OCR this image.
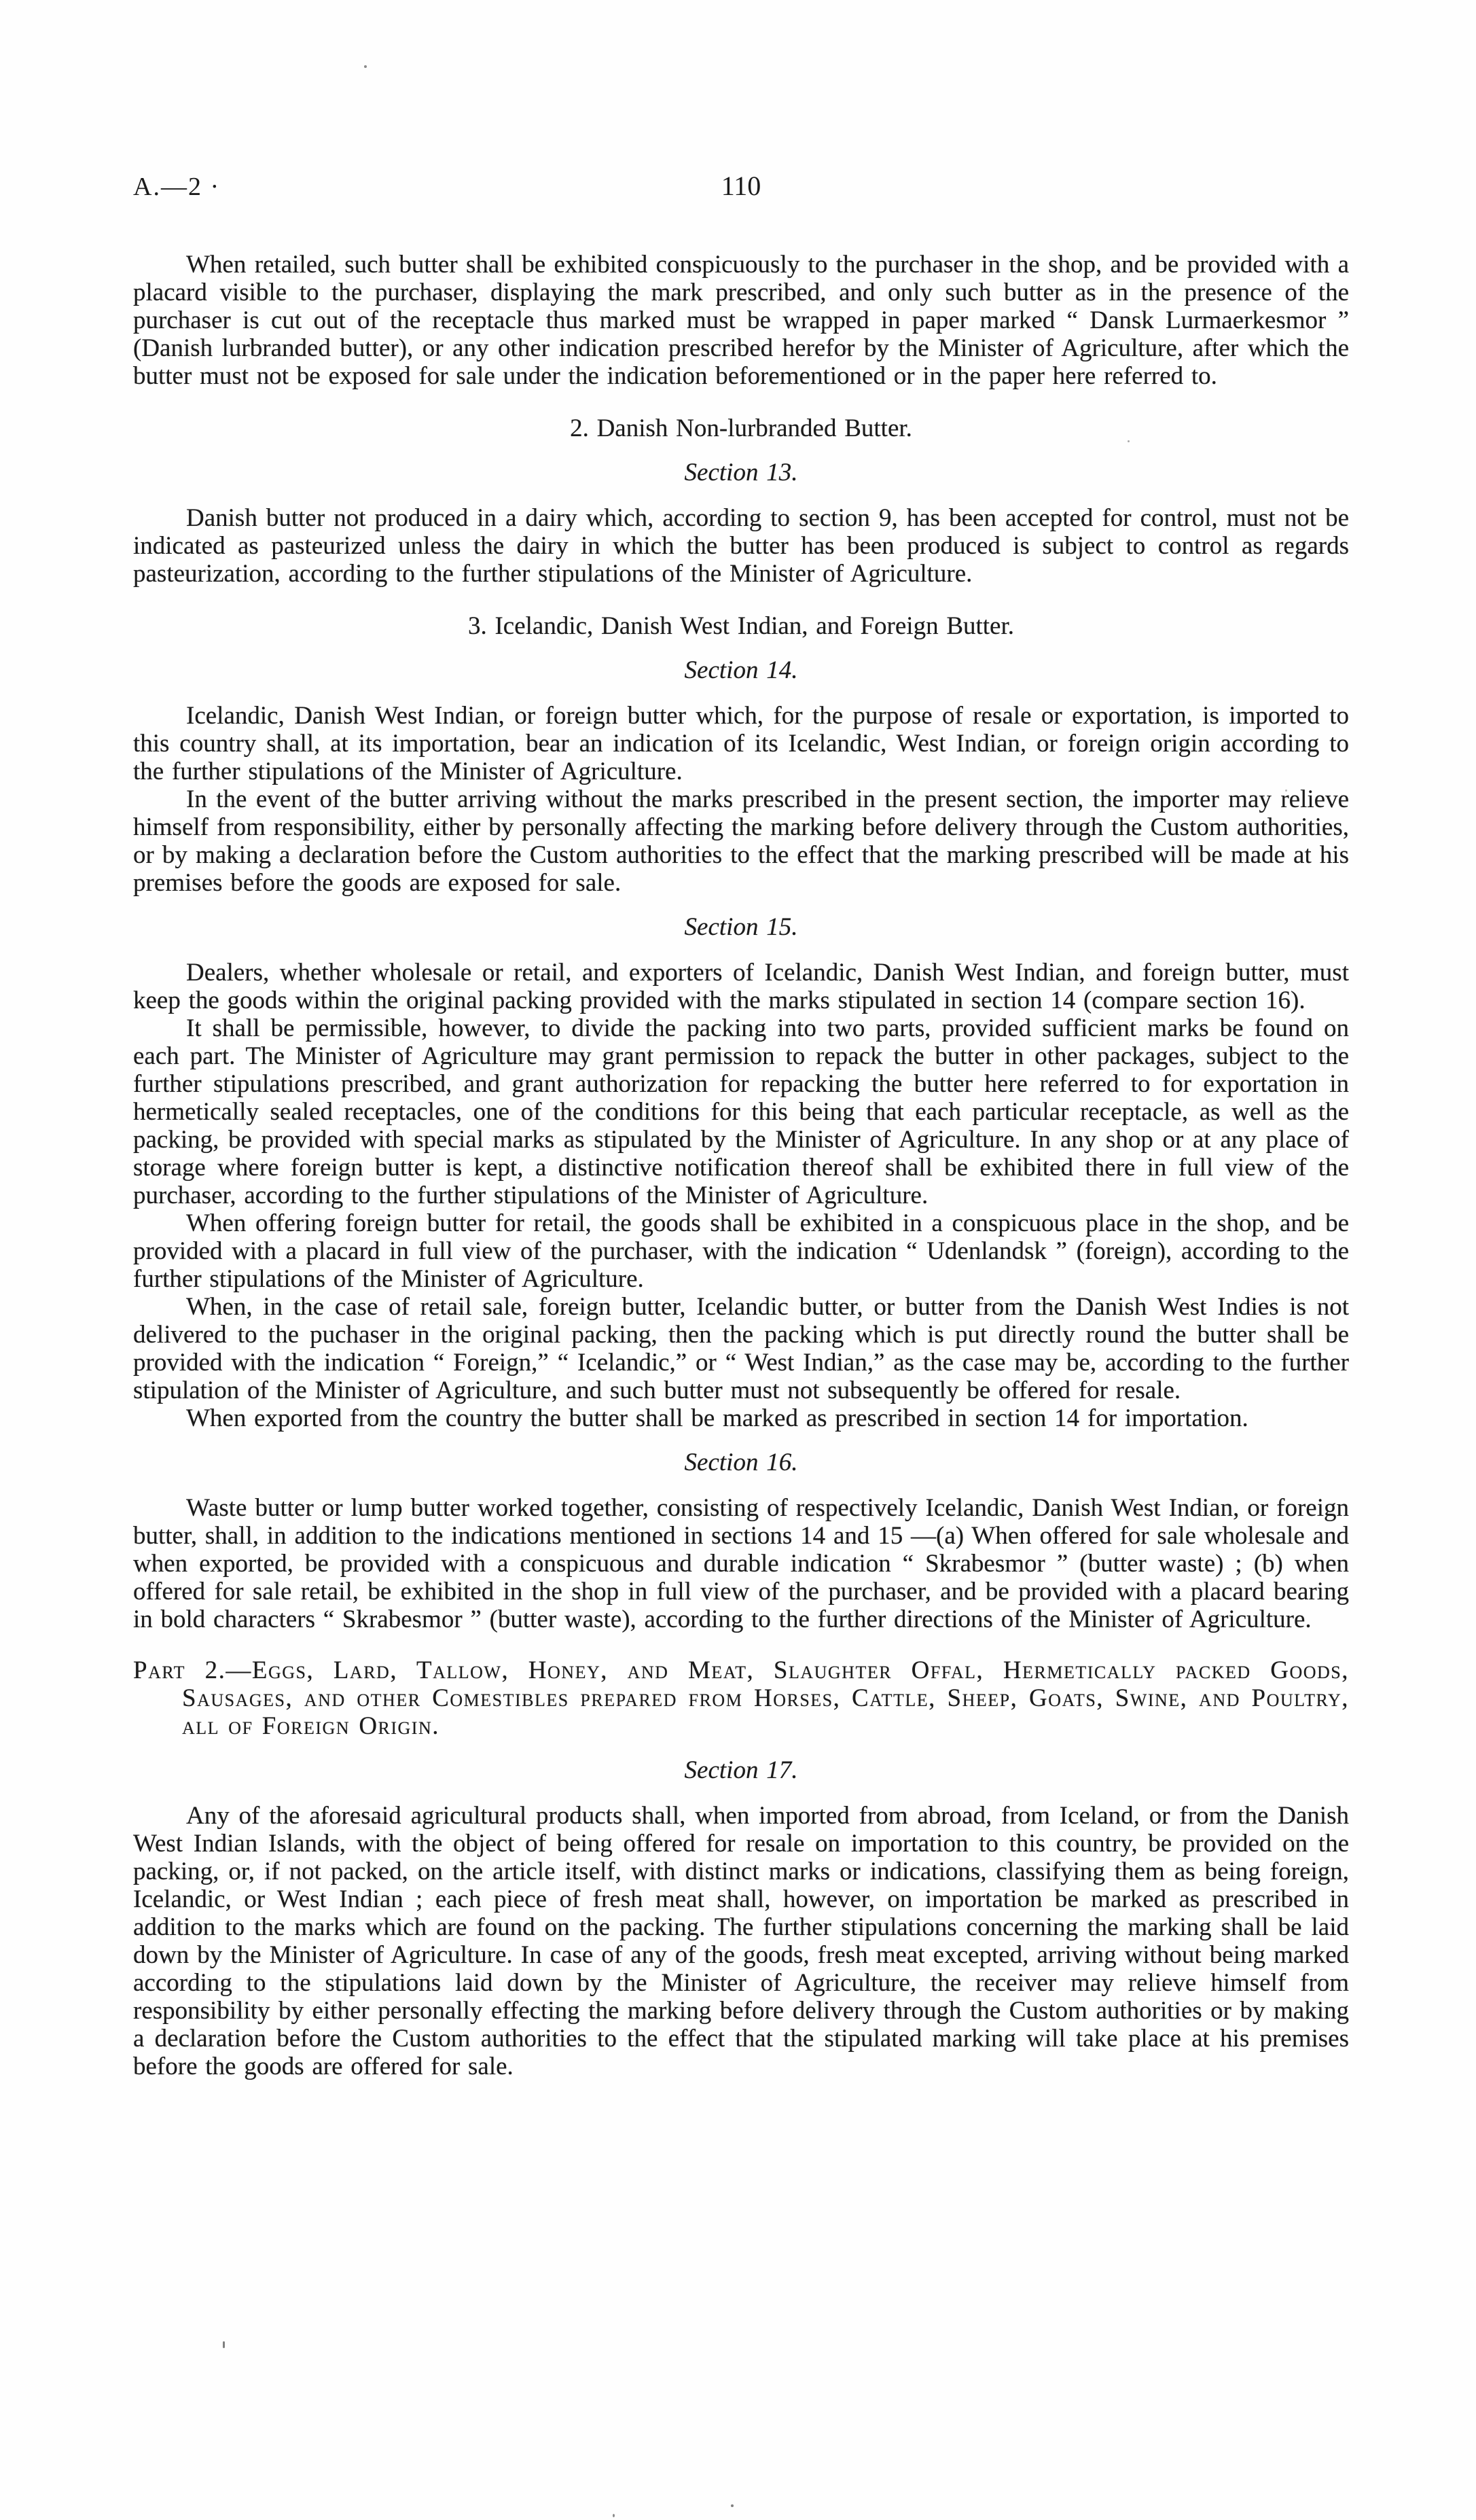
A.—2 ·	110

When retailed, such butter shall be exhibited conspicuously to the purchaser in the shop, and be provided with a placard visible to the purchaser, displaying the mark prescribed, and only such butter as in the presence of the purchaser is cut out of the receptacle thus marked must be wrapped in paper marked “ Dansk Lurmaerkesmor ” (Danish lurbranded butter), or any other indication prescribed herefor by the Minister of Agriculture, after which the butter must not be exposed for sale under the indication beforementioned or in the paper here referred to.

2. Danish Non-lurbranded Butter.

Section 13.

Danish butter not produced in a dairy which, according to section 9, has been accepted for control, must not be indicated as pasteurized unless the dairy in which the butter has been produced is subject to control as regards pasteurization, according to the further stipulations of the Minister of Agriculture.

3. Icelandic, Danish West Indian, and Foreign Butter.

Section 14.

Icelandic, Danish West Indian, or foreign butter which, for the purpose of resale or exportation, is imported to this country shall, at its importation, bear an indication of its Icelandic, West Indian, or foreign origin according to the further stipulations of the Minister of Agriculture.

In the event of the butter arriving without the marks prescribed in the present section, the importer may relieve himself from responsibility, either by personally affecting the marking before delivery through the Custom authorities, or by making a declaration before the Custom authorities to the effect that the marking prescribed will be made at his premises before the goods are exposed for sale.

Section 15.

Dealers, whether wholesale or retail, and exporters of Icelandic, Danish West Indian, and foreign butter, must keep the goods within the original packing provided with the marks stipulated in section 14 (compare section 16).

It shall be permissible, however, to divide the packing into two parts, provided sufficient marks be found on each part. The Minister of Agriculture may grant permission to repack the butter in other packages, subject to the further stipulations prescribed, and grant authorization for repacking the butter here referred to for exportation in hermetically sealed receptacles, one of the conditions for this being that each particular receptacle, as well as the packing, be provided with special marks as stipulated by the Minister of Agriculture. In any shop or at any place of storage where foreign butter is kept, a distinctive notification thereof shall be exhibited there in full view of the purchaser, according to the further stipulations of the Minister of Agriculture.

When offering foreign butter for retail, the goods shall be exhibited in a conspicuous place in the shop, and be provided with a placard in full view of the purchaser, with the indication “ Udenlandsk ” (foreign), according to the further stipulations of the Minister of Agriculture.

When, in the case of retail sale, foreign butter, Icelandic butter, or butter from the Danish West Indies is not delivered to the puchaser in the original packing, then the packing which is put directly round the butter shall be provided with the indication “ Foreign,” “ Icelandic,” or “ West Indian,” as the case may be, according to the further stipulation of the Minister of Agriculture, and such butter must not subsequently be offered for resale.

When exported from the country the butter shall be marked as prescribed in section 14 for importation.

Section 16.

Waste butter or lump butter worked together, consisting of respectively Icelandic, Danish West Indian, or foreign butter, shall, in addition to the indications mentioned in sections 14 and 15 —(a) When offered for sale wholesale and when exported, be provided with a conspicuous and durable indication “ Skrabesmor ” (butter waste) ; (b) when offered for sale retail, be exhibited in the shop in full view of the purchaser, and be provided with a placard bearing in bold characters “ Skrabesmor ” (butter waste), according to the further directions of the Minister of Agriculture.

Part 2.—Eggs, Lard, Tallow, Honey, and Meat, Slaughter Offal, Hermetically packed Goods, Sausages, and other Comestibles prepared from Horses, Cattle, Sheep, Goats, Swine, and Poultry, all of Foreign Origin.

Section 17.

Any of the aforesaid agricultural products shall, when imported from abroad, from Iceland, or from the Danish West Indian Islands, with the object of being offered for resale on importation to this country, be provided on the packing, or, if not packed, on the article itself, with distinct marks or indications, classifying them as being foreign, Icelandic, or West Indian ; each piece of fresh meat shall, however, on importation be marked as prescribed in addition to the marks which are found on the packing. The further stipulations concerning the marking shall be laid down by the Minister of Agriculture. In case of any of the goods, fresh meat excepted, arriving without being marked according to the stipulations laid down by the Minister of Agriculture, the receiver may relieve himself from responsibility by either personally effecting the marking before delivery through the Custom authorities or by making a declaration before the Custom authorities to the effect that the stipulated marking will take place at his premises before the goods are offered for sale.
